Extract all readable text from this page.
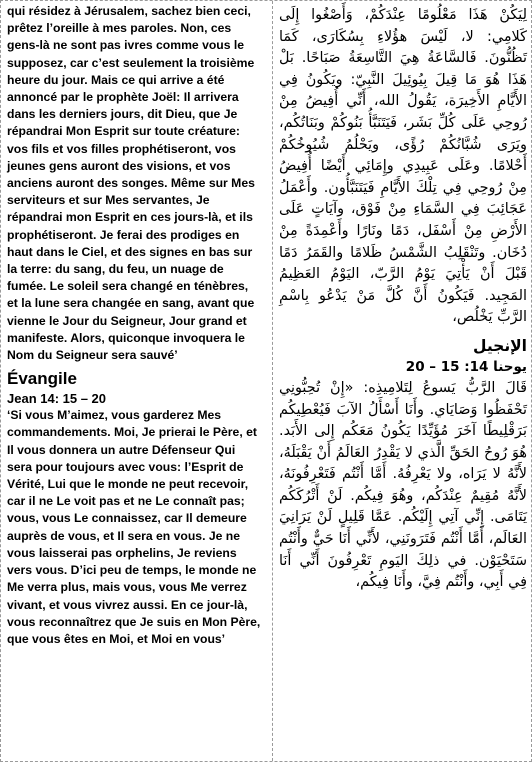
qui résidez à Jérusalem, sachez bien ceci, prêtez l’oreille à mes paroles. Non, ces gens-là ne sont pas ivres comme vous le supposez, car c’est seulement la troisième heure du jour. Mais ce qui arrive a été annoncé par le prophète Joël: Il arrivera dans les derniers jours, dit Dieu, que Je répandrai Mon Esprit sur toute créature: vos fils et vos filles prophétiseront, vos jeunes gens auront des visions, et vos anciens auront des songes. Même sur Mes serviteurs et sur Mes servantes, Je répandrai mon Esprit en ces jours-là, et ils prophétiseront. Je ferai des prodiges en haut dans le Ciel, et des signes en bas sur la terre: du sang, du feu, un nuage de fumée. Le soleil sera changé en ténèbres, et la lune sera changée en sang, avant que vienne le Jour du Seigneur, Jour grand et manifeste. Alors, quiconque invoquera le Nom du Seigneur sera sauvé’

Évangile
Jean 14: 15 – 20

‘Si vous M’aimez, vous garderez Mes commandements. Moi, Je prierai le Père, et Il vous donnera un autre Défenseur Qui sera pour toujours avec vous: l’Esprit de Vérité, Lui que le monde ne peut recevoir, car il ne Le voit pas et ne Le connaît pas; vous, vous Le connaissez, car Il demeure auprès de vous, et Il sera en vous. Je ne vous laisserai pas orphelins, Je reviens vers vous. D’ici peu de temps, le monde ne Me verra plus, mais vous, vous Me verrez vivant, et vous vivrez aussi. En ce jour-là, vous reconnaîtrez que Je suis en Mon Père, que vous êtes en Moi, et Moi en vous’

لِيَكُنْ هَذَا مَعْلُومًا عِنْدَكُمْ، وَأَصْغُوا إِلَى كَلامِي: لا، لَيْسَ هؤُلاءِ بِسُكَارَى، كَمَا تَظُنُّونَ. فَالسَّاعَةُ هِيَ التَّاسِعَةُ صَبَاحًا. بَلْ هَذَا هُوَ مَا قِيلَ بِيُوئِيلَ النَّبِيّ: ويَكُونُ فِي الأَيَّامِ الأَخِيرَة، يَقُولُ الله، أَنِّي أُفِيضُ مِنْ رُوحِي عَلَى كُلِّ بَشَر، فَيَتَنَبَّأُ بَنُوكُمْ وبَنَاتُكُم، ويَرَى شُبَّانُكُمْ رُؤًى، ويَحْلُمُ شُيُوخُكُمْ أَحْلامًا. وعَلَى عَبِيدِي وإِمَائِي أَيْضًا أُفِيضُ مِنْ رُوحِي فِي تِلْكَ الأَيَّامِ فَيَتَنَبَّأُون. وأَعْمَلُ عَجَائِبَ فِي السَّمَاءِ مِنْ فَوْق، وآيَاتٍ عَلَى الأَرْضِ مِنْ أَسْفَل، دَمًا ونَارًا وأَعْمِدَةً مِنْ دُخَان. وتَنْقَلِبُ الشَّمْسُ ظَلامًا والقَمَرُ دَمًا قَبْلَ أَنْ يَأْتِيَ يَوْمُ الرَّبّ، اليَوْمُ العَظِيمُ المَجِيد. فَيَكُونُ أَنَّ كُلَّ مَنْ يَدْعُو بِاسْمِ الرَّبِّ يَخْلُص،

الإنجيل
يوحنا 14: 15 – 20

قَالَ الرَّبُّ يَسوعُ لِتَلامِيذِه: «إِنْ تُحِبُّونِي تَحْفَظُوا وَصَايَاي. وأَنَا أَسْأَلُ الآبَ فَيُعْطِيكُم بَرَقْلِيطًا آخَرَ مُؤَيِّدًا يَكُونُ مَعَكُم إِلى الأَبَد. هُوَ رُوحُ الحَقِّ الَّذي لا يَقْدِرُ العَالَمُ أَنْ يَقْبَلَهُ، لأَنَّهُ لا يَرَاه، ولا يَعْرِفُهُ. أَمَّا أَنْتُم فَتَعْرِفُونَهُ، لأَنَّهُ مُقِيمٌ عِنْدَكُم، وهُوَ فِيكُم. لَنْ أَتْرُكَكُم يَتَامَى. إِنِّي آتِي إِلَيْكُم. عَمَّا قَلِيلٍ لَنْ يَرَانِيَ العَالَم، أَمَّا أَنْتُم فَتَرَونَنِي، لأَنِّي أَنَا حَيٌّ وأَنْتُم سَتَحْيَوْن. في ذلِكَ اليَومِ تَعْرِفُونَ أَنِّي أَنَا فِي أَبِي، وأَنْتُم فِيَّ، وأَنَا فِيكُم،
